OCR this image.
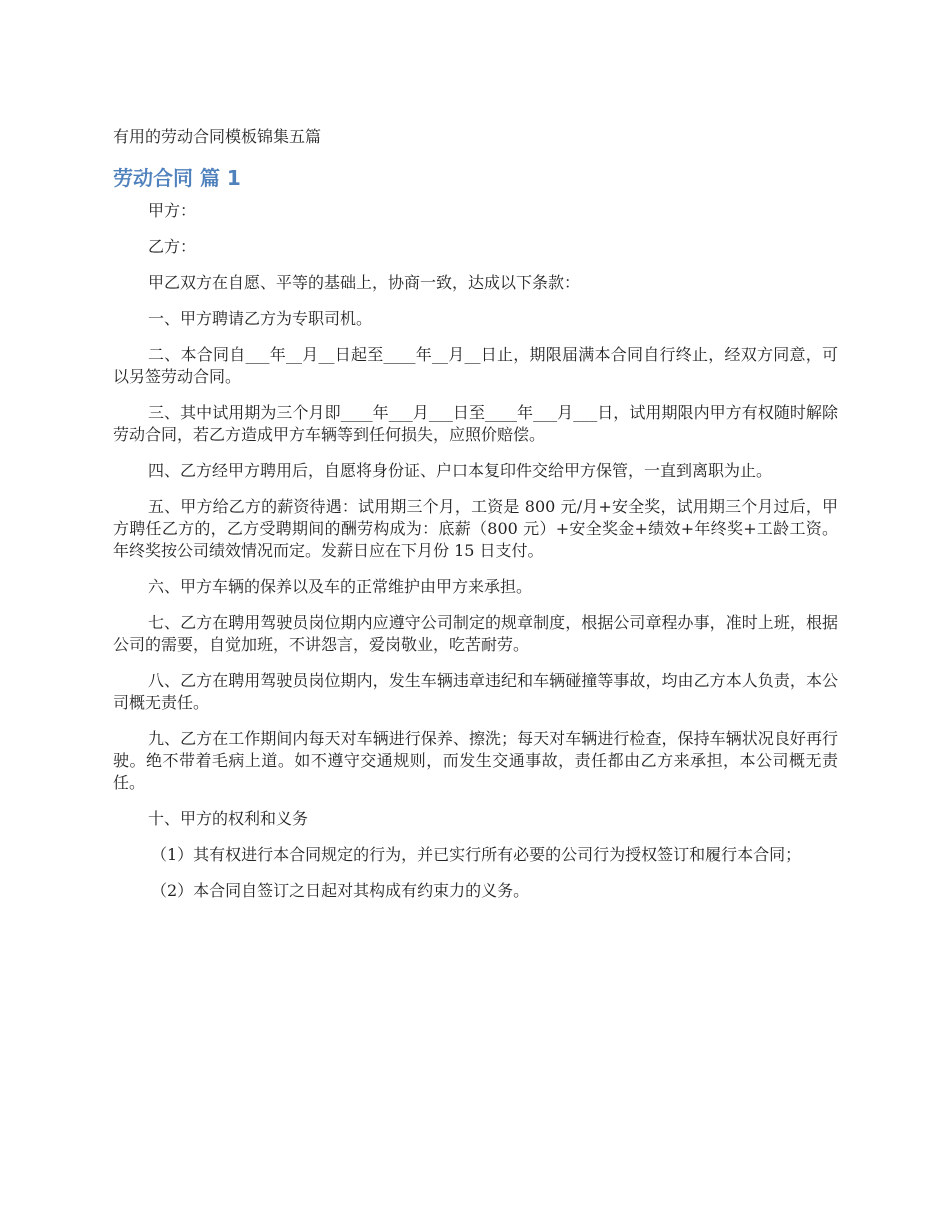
有用的劳动合同模板锦集五篇
劳动合同 篇 1

甲方：

乙方：

甲乙双方在自愿、平等的基础上，协商一致，达成以下条款：

一、甲方聘请乙方为专职司机。

二、本合同自___年__月__日起至____年__月__日止，期限届满本合同自行终止，经双方同意，可以另签劳动合同。

三、其中试用期为三个月即____年___月___日至____年___月___日，试用期限内甲方有权随时解除劳动合同，若乙方造成甲方车辆等到任何损失，应照价赔偿。

四、乙方经甲方聘用后，自愿将身份证、户口本复印件交给甲方保管，一直到离职为止。

五、甲方给乙方的薪资待遇：试用期三个月，工资是 800 元/月+安全奖，试用期三个月过后，甲方聘任乙方的，乙方受聘期间的酬劳构成为：底薪（800 元）+安全奖金+绩效+年终奖+工龄工资。年终奖按公司绩效情况而定。发薪日应在下月份 15 日支付。

六、甲方车辆的保养以及车的正常维护由甲方来承担。

七、乙方在聘用驾驶员岗位期内应遵守公司制定的规章制度，根据公司章程办事，准时上班，根据公司的需要，自觉加班，不讲怨言，爱岗敬业，吃苦耐劳。

八、乙方在聘用驾驶员岗位期内，发生车辆违章违纪和车辆碰撞等事故，均由乙方本人负责，本公司概无责任。

九、乙方在工作期间内每天对车辆进行保养、擦洗；每天对车辆进行检查，保持车辆状况良好再行驶。绝不带着毛病上道。如不遵守交通规则，而发生交通事故，责任都由乙方来承担，本公司概无责任。

十、甲方的权利和义务

（1）其有权进行本合同规定的行为，并已实行所有必要的公司行为授权签订和履行本合同；

（2）本合同自签订之日起对其构成有约束力的义务。
